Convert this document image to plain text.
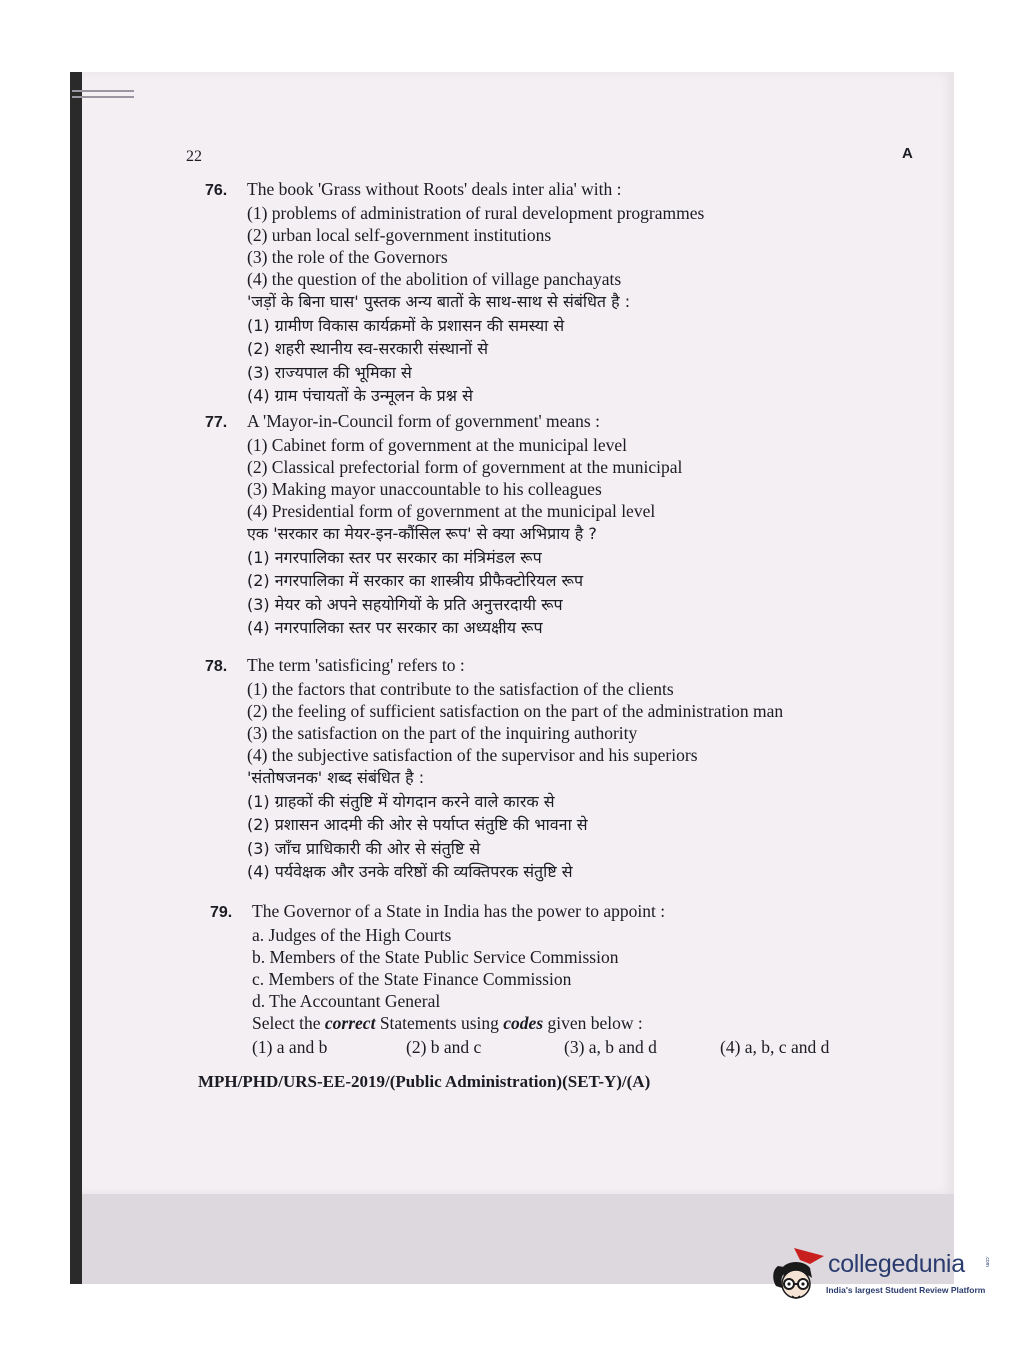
22	A
76. The book 'Grass without Roots' deals inter alia' with :
(1) problems of administration of rural development programmes
(2) urban local self-government institutions
(3) the role of the Governors
(4) the question of the abolition of village panchayats
'जड़ों के बिना घास' पुस्तक अन्य बातों के साथ-साथ से संबंधित है :
(1) ग्रामीण विकास कार्यक्रमों के प्रशासन की समस्या से
(2) शहरी स्थानीय स्व-सरकारी संस्थानों से
(3) राज्यपाल की भूमिका से
(4) ग्राम पंचायतों के उन्मूलन के प्रश्न से
77. A 'Mayor-in-Council form of government' means :
(1) Cabinet form of government at the municipal level
(2) Classical prefectorial form of government at the municipal
(3) Making mayor unaccountable to his colleagues
(4) Presidential form of government at the municipal level
एक 'सरकार का मेयर-इन-कौंसिल रूप' से क्या अभिप्राय है ?
(1) नगरपालिका स्तर पर सरकार का मंत्रिमंडल रूप
(2) नगरपालिका में सरकार का शास्त्रीय प्रीफैक्टोरियल रूप
(3) मेयर को अपने सहयोगियों के प्रति अनुत्तरदायी रूप
(4) नगरपालिका स्तर पर सरकार का अध्यक्षीय रूप
78. The term 'satisficing' refers to :
(1) the factors that contribute to the satisfaction of the clients
(2) the feeling of sufficient satisfaction on the part of the administration man
(3) the satisfaction on the part of the inquiring authority
(4) the subjective satisfaction of the supervisor and his superiors
'संतोषजनक' शब्द संबंधित है :
(1) ग्राहकों की संतुष्टि में योगदान करने वाले कारक से
(2) प्रशासन आदमी की ओर से पर्याप्त संतुष्टि की भावना से
(3) जाँच प्राधिकारी की ओर से संतुष्टि से
(4) पर्यवेक्षक और उनके वरिष्ठों की व्यक्तिपरक संतुष्टि से
79. The Governor of a State in India has the power to appoint :
a. Judges of the High Courts
b. Members of the State Public Service Commission
c. Members of the State Finance Commission
d. The Accountant General
Select the correct Statements using codes given below :
(1) a and b	(2) b and c	(3) a, b and d	(4) a, b, c and d
MPH/PHD/URS-EE-2019/(Public Administration)(SET-Y)/(A)
collegedunia	.com
India's largest Student Review Platform
